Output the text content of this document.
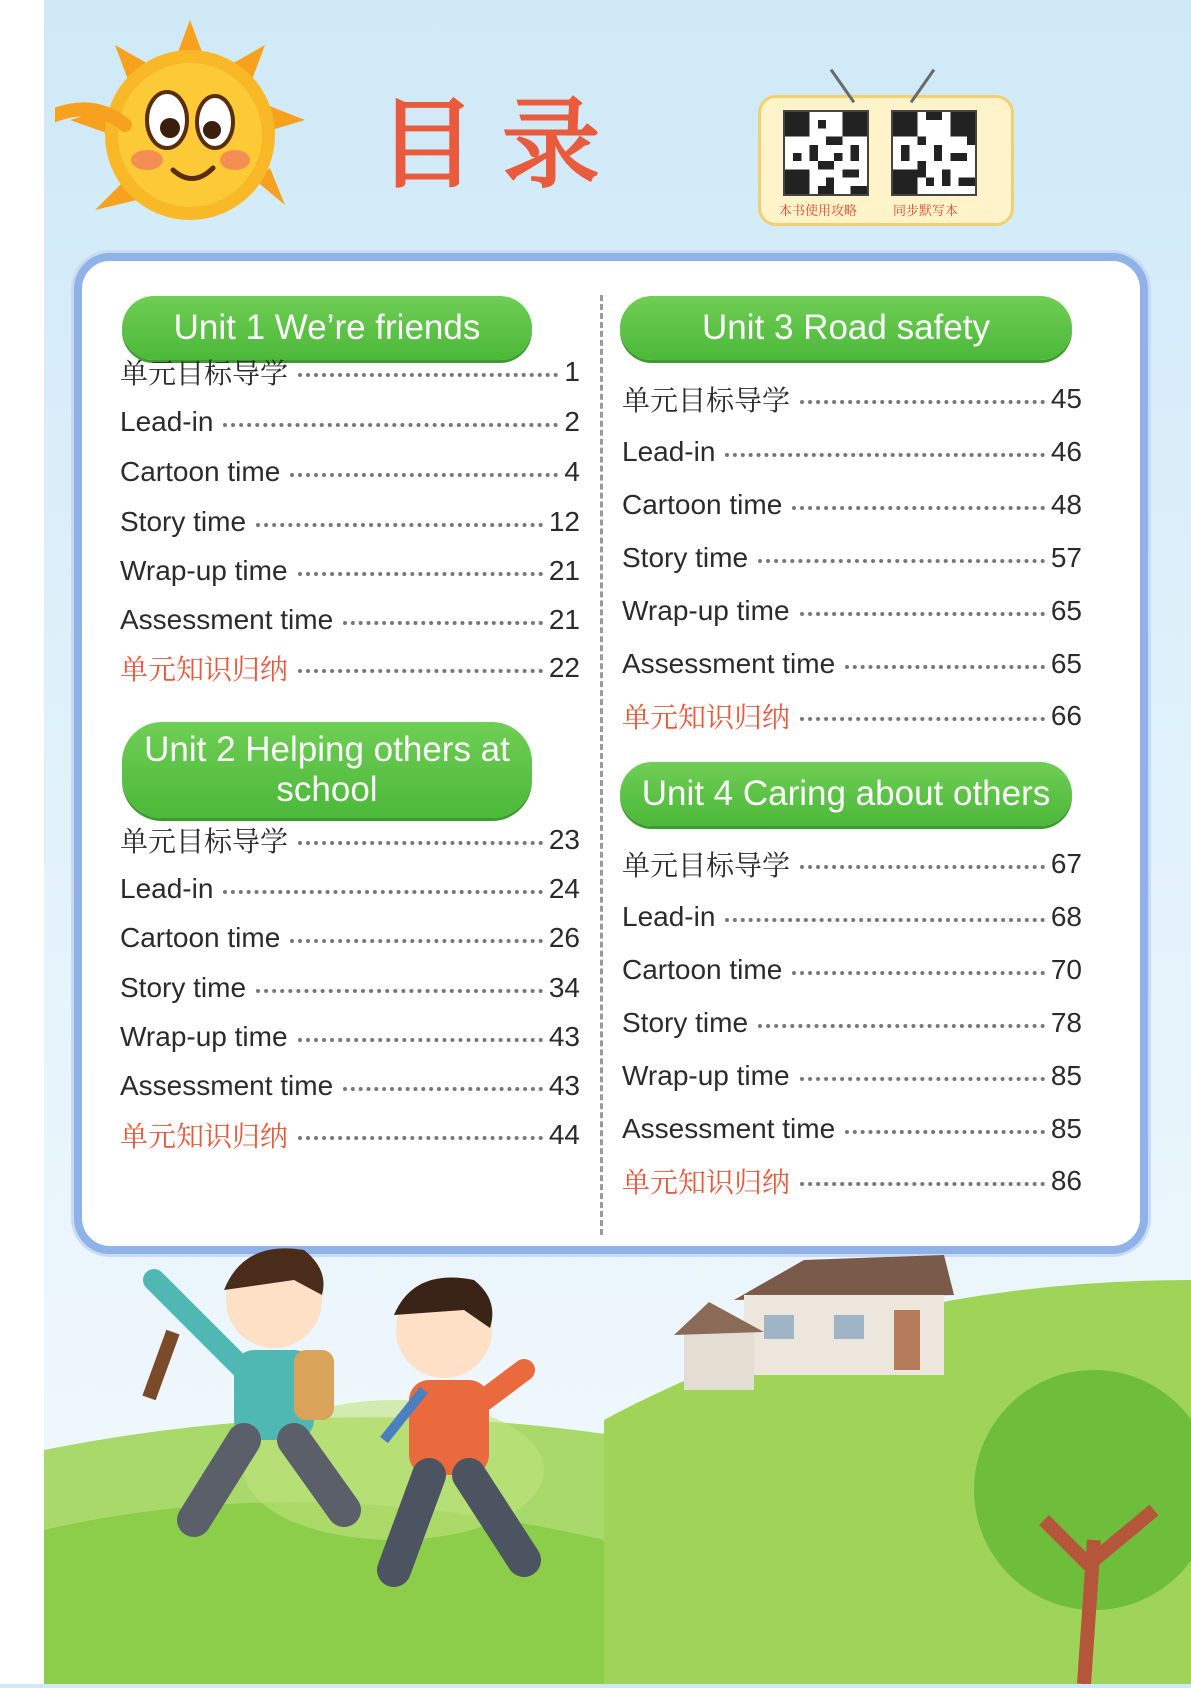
目录
本书使用攻略	同步默写本
Unit 1 We’re friends
单元目标导学	1
Lead-in	2
Cartoon time	4
Story time	12
Wrap-up time	21
Assessment time	21
单元知识归纳	22
Unit 2 Helping others at school
单元目标导学	23
Lead-in	24
Cartoon time	26
Story time	34
Wrap-up time	43
Assessment time	43
单元知识归纳	44
Unit 3 Road safety
单元目标导学	45
Lead-in	46
Cartoon time	48
Story time	57
Wrap-up time	65
Assessment time	65
单元知识归纳	66
Unit 4 Caring about others
单元目标导学	67
Lead-in	68
Cartoon time	70
Story time	78
Wrap-up time	85
Assessment time	85
单元知识归纳	86
